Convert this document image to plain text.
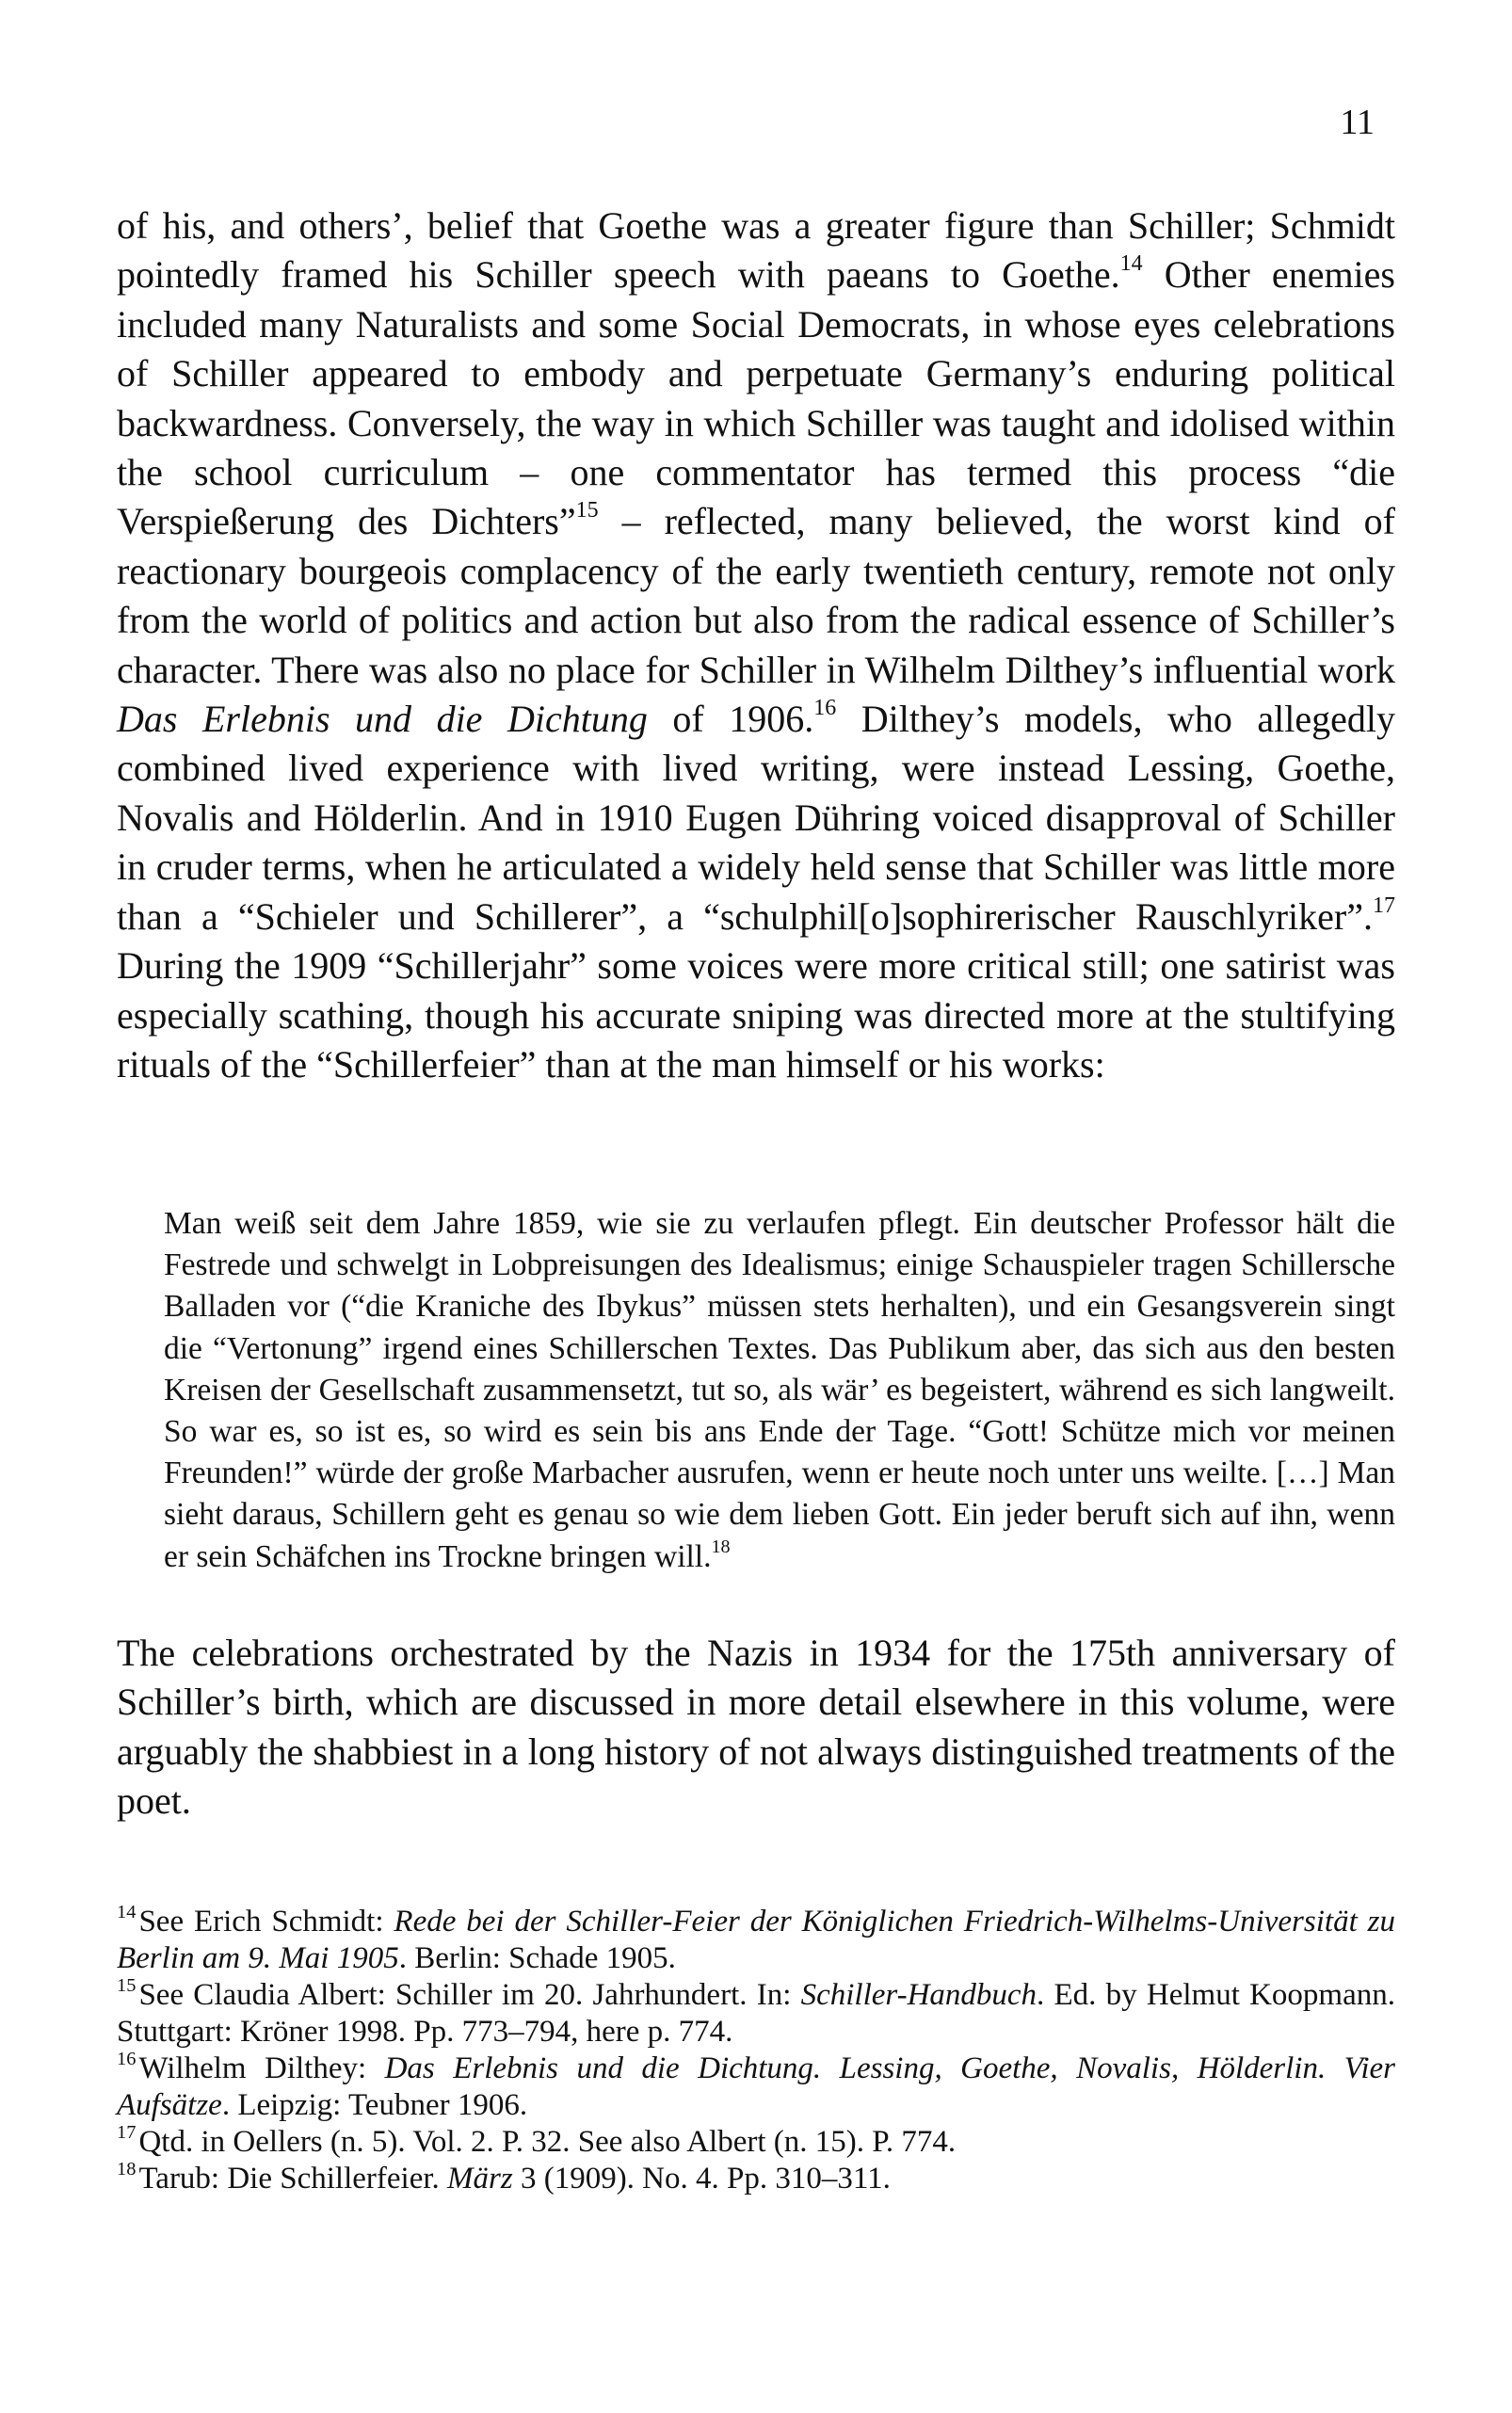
11

of his, and others’, belief that Goethe was a greater figure than Schiller; Schmidt pointedly framed his Schiller speech with paeans to Goethe.$^{14}$ Other enemies included many Naturalists and some Social Democrats, in whose eyes celebrations of Schiller appeared to embody and perpetuate Germany’s enduring political backwardness. Conversely, the way in which Schiller was taught and idolised within the school curriculum – one commentator has termed this process “die Verspießerung des Dichters”$^{15}$ – reflected, many believed, the worst kind of reactionary bourgeois complacency of the early twentieth century, remote not only from the world of politics and action but also from the radical essence of Schiller’s character. There was also no place for Schiller in Wilhelm Dilthey’s influential work Das Erlebnis und die Dichtung of 1906.16 Dilthey’s models, who allegedly combined lived experience with lived writing, were instead Lessing, Goethe, Novalis and Hölderlin. And in 1910 Eugen Dühring voiced disapproval of Schiller in cruder terms, when he articulated a widely held sense that Schiller was little more than a “Schieler und Schillerer”, a “schulphil[o]sophirerischer Rauschlyriker”.$^{17}$ During the 1909 “Schillerjahr” some voices were more critical still; one satirist was especially scathing, though his accurate sniping was directed more at the stultifying rituals of the “Schillerfeier” than at the man himself or his works:

Man weiß seit dem Jahre 1859, wie sie zu verlaufen pflegt. Ein deutscher Professor hält die Festrede und schwelgt in Lobpreisungen des Idealismus; einige Schauspieler tragen Schillersche Balladen vor (“die Kraniche des Ibykus” müssen stets herhalten), und ein Gesangsverein singt die “Vertonung” irgend eines Schillerschen Textes. Das Publikum aber, das sich aus den besten Kreisen der Gesellschaft zusammensetzt, tut so, als wär’ es begeistert, während es sich langweilt. So war es, so ist es, so wird es sein bis ans Ende der Tage. “Gott! Schütze mich vor meinen Freunden!” würde der große Marbacher ausrufen, wenn er heute noch unter uns weilte. […] Man sieht daraus, Schillern geht es genau so wie dem lieben Gott. Ein jeder beruft sich auf ihn, wenn er sein Schäfchen ins Trockne bringen will.$^{18}$

The celebrations orchestrated by the Nazis in 1934 for the 175th anniversary of Schiller’s birth, which are discussed in more detail elsewhere in this volume, were arguably the shabbiest in a long history of not always distinguished treatments of the poet.

$^{14}$See Erich Schmidt: Rede bei der Schiller-Feier der Königlichen Friedrich-Wilhelms-Universität zu Berlin am 9. Mai 1905. Berlin: Schade 1905.

$^{15}$See Claudia Albert: Schiller im 20. Jahrhundert. In: Schiller-Handbuch. Ed. by Helmut Koopmann. Stuttgart: Kröner 1998. Pp. 773–794, here p. 774.

$^{16}$Wilhelm Dilthey: Das Erlebnis und die Dichtung. Lessing, Goethe, Novalis, Hölderlin. Vier Aufsätze. Leipzig: Teubner 1906.

$^{17}$Qtd. in Oellers (n. 5). Vol. 2. P. 32. See also Albert (n. 15). P. 774.

$^{18}$Tarub: Die Schillerfeier. März 3 (1909). No. 4. Pp. 310–311.
